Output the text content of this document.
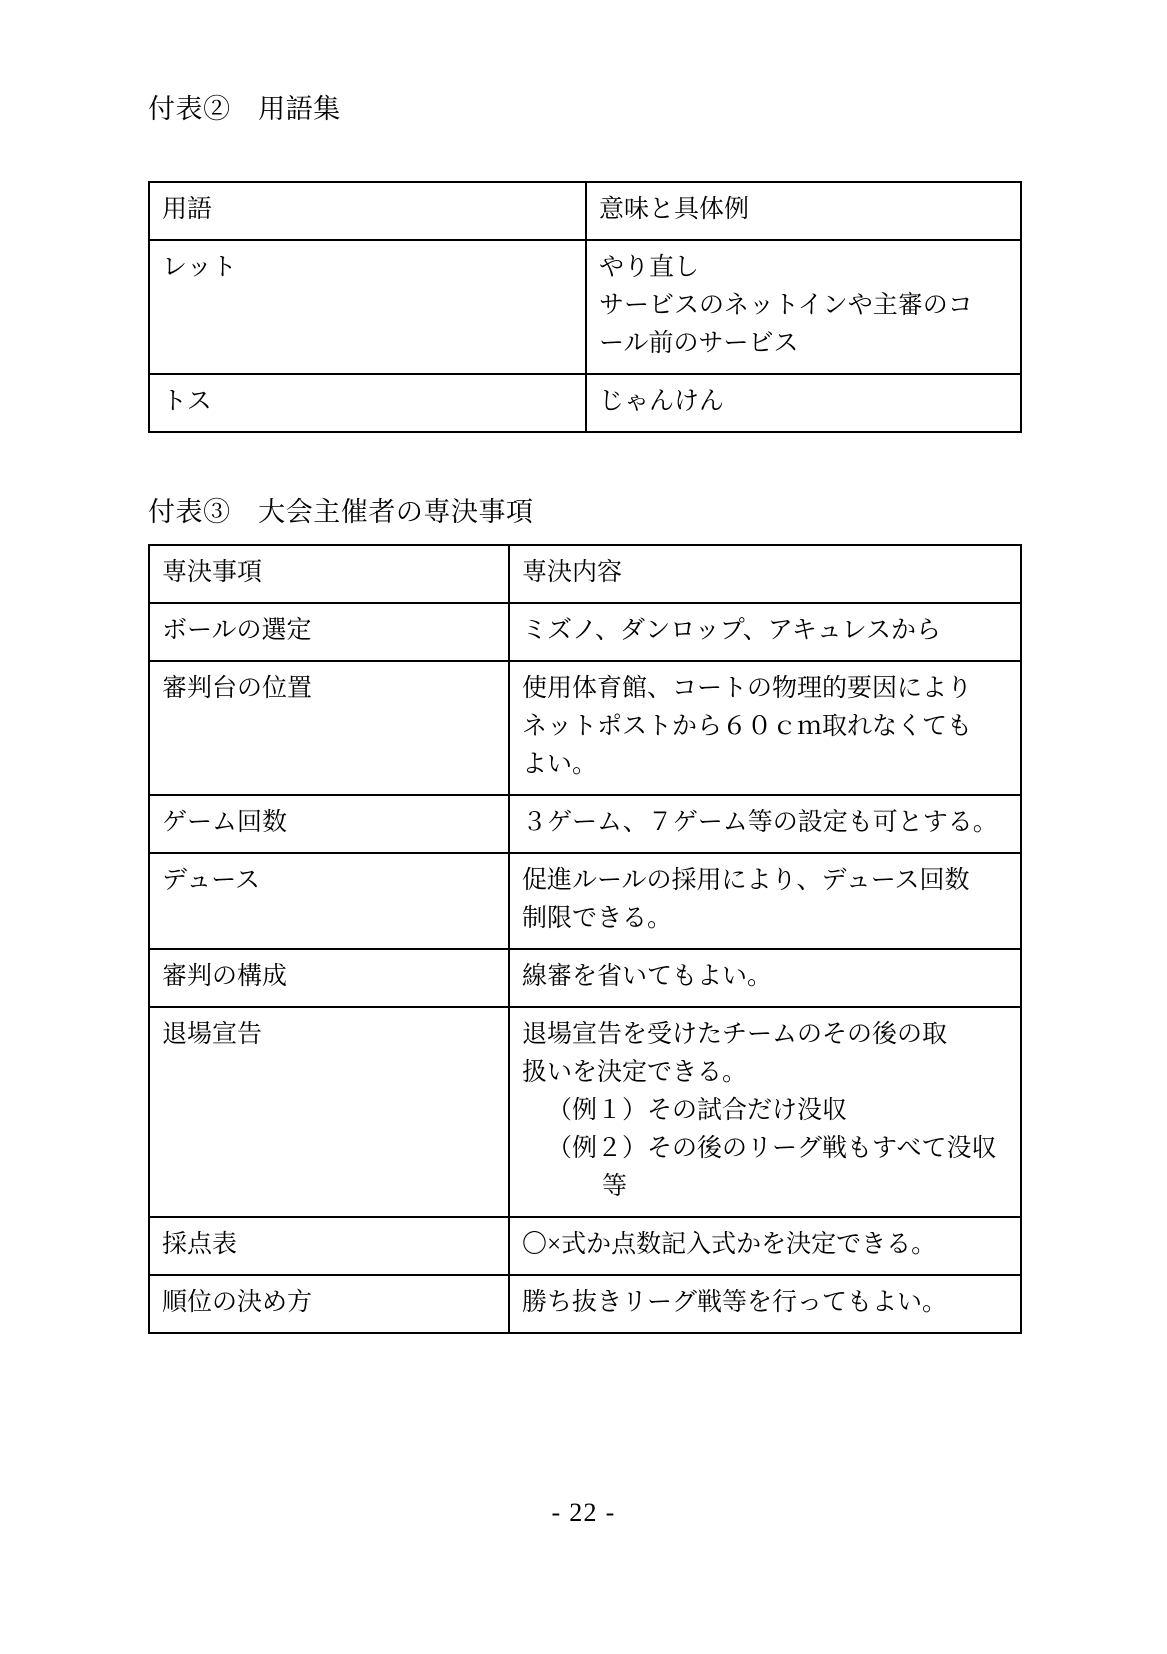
付表②　用語集
用語	意味と具体例
レット	やり直し
サービスのネットインや主審のコ
ール前のサービス

トス	じゃんけん
付表③　大会主催者の専決事項
専決事項	専決内容
ボールの選定	ミズノ、ダンロップ、アキュレスから

審判台の位置	使用体育館、コートの物理的要因により
ネットポストから６０ｃｍ取れなくても
よい。

ゲーム回数	３ゲーム、７ゲーム等の設定も可とする。

デュース	促進ルールの採用により、デュース回数
制限できる。

審判の構成	線審を省いてもよい。

退場宣告	退場宣告を受けたチームのその後の取
扱いを決定できる。
（例１）その試合だけ没収
（例２）その後のリーグ戦もすべて没収
等

採点表	〇×式か点数記入式かを決定できる。

順位の決め方	勝ち抜きリーグ戦等を行ってもよい。
- 22 -
